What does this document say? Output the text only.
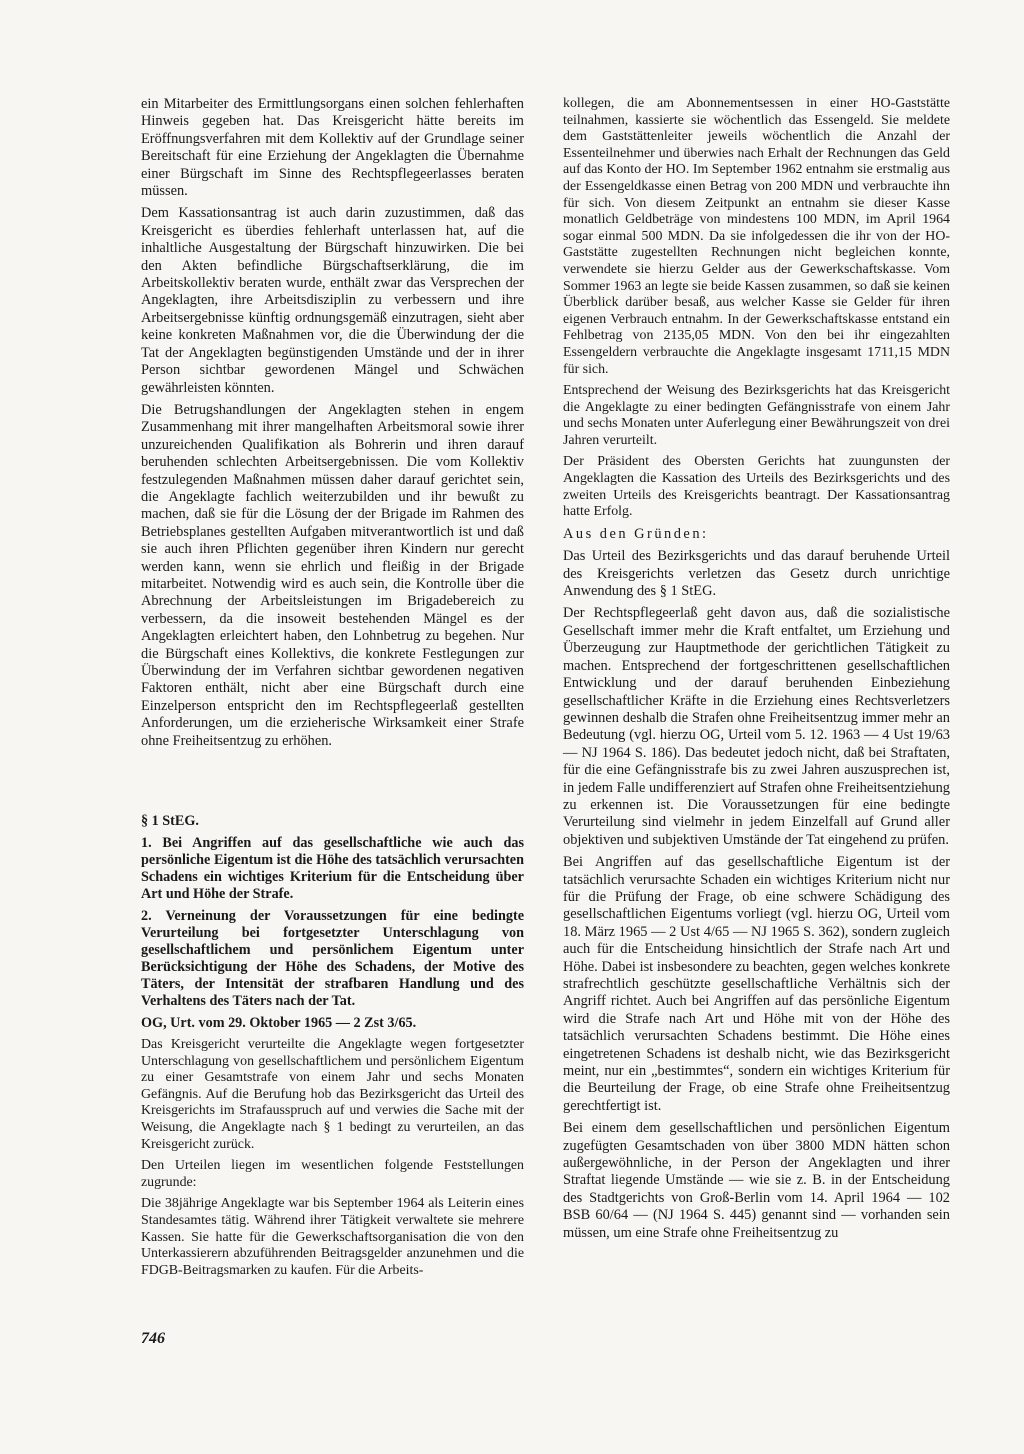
ein Mitarbeiter des Ermittlungsorgans einen solchen fehlerhaften Hinweis gegeben hat. Das Kreisgericht hätte bereits im Eröffnungsverfahren mit dem Kollektiv auf der Grundlage seiner Bereitschaft für eine Erziehung der Angeklagten die Übernahme einer Bürgschaft im Sinne des Rechtspflegeerlasses beraten müssen.

Dem Kassationsantrag ist auch darin zuzustimmen, daß das Kreisgericht es überdies fehlerhaft unterlassen hat, auf die inhaltliche Ausgestaltung der Bürgschaft hinzuwirken. Die bei den Akten befindliche Bürgschaftserklärung, die im Arbeitskollektiv beraten wurde, enthält zwar das Versprechen der Angeklagten, ihre Arbeitsdisziplin zu verbessern und ihre Arbeitsergebnisse künftig ordnungsgemäß einzutragen, sieht aber keine konkreten Maßnahmen vor, die die Überwindung der die Tat der Angeklagten begünstigenden Umstände und der in ihrer Person sichtbar gewordenen Mängel und Schwächen gewährleisten könnten.

Die Betrugshandlungen der Angeklagten stehen in engem Zusammenhang mit ihrer mangelhaften Arbeitsmoral sowie ihrer unzureichenden Qualifikation als Bohrerin und ihren darauf beruhenden schlechten Arbeitsergebnissen. Die vom Kollektiv festzulegenden Maßnahmen müssen daher darauf gerichtet sein, die Angeklagte fachlich weiterzubilden und ihr bewußt zu machen, daß sie für die Lösung der der Brigade im Rahmen des Betriebsplanes gestellten Aufgaben mitverantwortlich ist und daß sie auch ihren Pflichten gegenüber ihren Kindern nur gerecht werden kann, wenn sie ehrlich und fleißig in der Brigade mitarbeitet. Notwendig wird es auch sein, die Kontrolle über die Abrechnung der Arbeitsleistungen im Brigadebereich zu verbessern, da die insoweit bestehenden Mängel es der Angeklagten erleichtert haben, den Lohnbetrug zu begehen. Nur die Bürgschaft eines Kollektivs, die konkrete Festlegungen zur Überwindung der im Verfahren sichtbar gewordenen negativen Faktoren enthält, nicht aber eine Bürgschaft durch eine Einzelperson entspricht den im Rechtspflegeerlaß gestellten Anforderungen, um die erzieherische Wirksamkeit einer Strafe ohne Freiheitsentzug zu erhöhen.

§ 1 StEG.

1. Bei Angriffen auf das gesellschaftliche wie auch das persönliche Eigentum ist die Höhe des tatsächlich verursachten Schadens ein wichtiges Kriterium für die Entscheidung über Art und Höhe der Strafe.

2. Verneinung der Voraussetzungen für eine bedingte Verurteilung bei fortgesetzter Unterschlagung von gesellschaftlichem und persönlichem Eigentum unter Berücksichtigung der Höhe des Schadens, der Motive des Täters, der Intensität der strafbaren Handlung und des Verhaltens des Täters nach der Tat.

OG, Urt. vom 29. Oktober 1965 — 2 Zst 3/65.

Das Kreisgericht verurteilte die Angeklagte wegen fortgesetzter Unterschlagung von gesellschaftlichem und persönlichem Eigentum zu einer Gesamtstrafe von einem Jahr und sechs Monaten Gefängnis. Auf die Berufung hob das Bezirksgericht das Urteil des Kreisgerichts im Strafausspruch auf und verwies die Sache mit der Weisung, die Angeklagte nach § 1 bedingt zu verurteilen, an das Kreisgericht zurück.

Den Urteilen liegen im wesentlichen folgende Feststellungen zugrunde:

Die 38jährige Angeklagte war bis September 1964 als Leiterin eines Standesamtes tätig. Während ihrer Tätigkeit verwaltete sie mehrere Kassen. Sie hatte für die Gewerkschaftsorganisation die von den Unterkassierern abzuführenden Beitragsgelder anzunehmen und die FDGB-Beitragsmarken zu kaufen. Für die Arbeits-

kollegen, die am Abonnementsessen in einer HO-Gaststätte teilnahmen, kassierte sie wöchentlich das Essengeld. Sie meldete dem Gaststättenleiter jeweils wöchentlich die Anzahl der Essenteilnehmer und überwies nach Erhalt der Rechnungen das Geld auf das Konto der HO. Im September 1962 entnahm sie erstmalig aus der Essengeldkasse einen Betrag von 200 MDN und verbrauchte ihn für sich. Von diesem Zeitpunkt an entnahm sie dieser Kasse monatlich Geldbeträge von mindestens 100 MDN, im April 1964 sogar einmal 500 MDN. Da sie infolgedessen die ihr von der HO-Gaststätte zugestellten Rechnungen nicht begleichen konnte, verwendete sie hierzu Gelder aus der Gewerkschaftskasse. Vom Sommer 1963 an legte sie beide Kassen zusammen, so daß sie keinen Überblick darüber besaß, aus welcher Kasse sie Gelder für ihren eigenen Verbrauch entnahm. In der Gewerkschaftskasse entstand ein Fehlbetrag von 2135,05 MDN. Von den bei ihr eingezahlten Essengeldern verbrauchte die Angeklagte insgesamt 1711,15 MDN für sich.

Entsprechend der Weisung des Bezirksgerichts hat das Kreisgericht die Angeklagte zu einer bedingten Gefängnisstrafe von einem Jahr und sechs Monaten unter Auferlegung einer Bewährungszeit von drei Jahren verurteilt.

Der Präsident des Obersten Gerichts hat zuungunsten der Angeklagten die Kassation des Urteils des Bezirksgerichts und des zweiten Urteils des Kreisgerichts beantragt. Der Kassationsantrag hatte Erfolg.

Aus den Gründen:

Das Urteil des Bezirksgerichts und das darauf beruhende Urteil des Kreisgerichts verletzen das Gesetz durch unrichtige Anwendung des § 1 StEG.

Der Rechtspflegeerlaß geht davon aus, daß die sozialistische Gesellschaft immer mehr die Kraft entfaltet, um Erziehung und Überzeugung zur Hauptmethode der gerichtlichen Tätigkeit zu machen. Entsprechend der fortgeschrittenen gesellschaftlichen Entwicklung und der darauf beruhenden Einbeziehung gesellschaftlicher Kräfte in die Erziehung eines Rechtsverletzers gewinnen deshalb die Strafen ohne Freiheitsentzug immer mehr an Bedeutung (vgl. hierzu OG, Urteil vom 5. 12. 1963 — 4 Ust 19/63 — NJ 1964 S. 186). Das bedeutet jedoch nicht, daß bei Straftaten, für die eine Gefängnisstrafe bis zu zwei Jahren auszusprechen ist, in jedem Falle undifferenziert auf Strafen ohne Freiheitsentziehung zu erkennen ist. Die Voraussetzungen für eine bedingte Verurteilung sind vielmehr in jedem Einzelfall auf Grund aller objektiven und subjektiven Umstände der Tat eingehend zu prüfen.

Bei Angriffen auf das gesellschaftliche Eigentum ist der tatsächlich verursachte Schaden ein wichtiges Kriterium nicht nur für die Prüfung der Frage, ob eine schwere Schädigung des gesellschaftlichen Eigentums vorliegt (vgl. hierzu OG, Urteil vom 18. März 1965 — 2 Ust 4/65 — NJ 1965 S. 362), sondern zugleich auch für die Entscheidung hinsichtlich der Strafe nach Art und Höhe. Dabei ist insbesondere zu beachten, gegen welches konkrete strafrechtlich geschützte gesellschaftliche Verhältnis sich der Angriff richtet. Auch bei Angriffen auf das persönliche Eigentum wird die Strafe nach Art und Höhe mit von der Höhe des tatsächlich verursachten Schadens bestimmt. Die Höhe eines eingetretenen Schadens ist deshalb nicht, wie das Bezirksgericht meint, nur ein „bestimmtes“, sondern ein wichtiges Kriterium für die Beurteilung der Frage, ob eine Strafe ohne Freiheitsentzug gerechtfertigt ist.

Bei einem dem gesellschaftlichen und persönlichen Eigentum zugefügten Gesamtschaden von über 3800 MDN hätten schon außergewöhnliche, in der Person der Angeklagten und ihrer Straftat liegende Umstände — wie sie z. B. in der Entscheidung des Stadtgerichts von Groß-Berlin vom 14. April 1964 — 102 BSB 60/64 — (NJ 1964 S. 445) genannt sind — vorhanden sein müssen, um eine Strafe ohne Freiheitsentzug zu

746
